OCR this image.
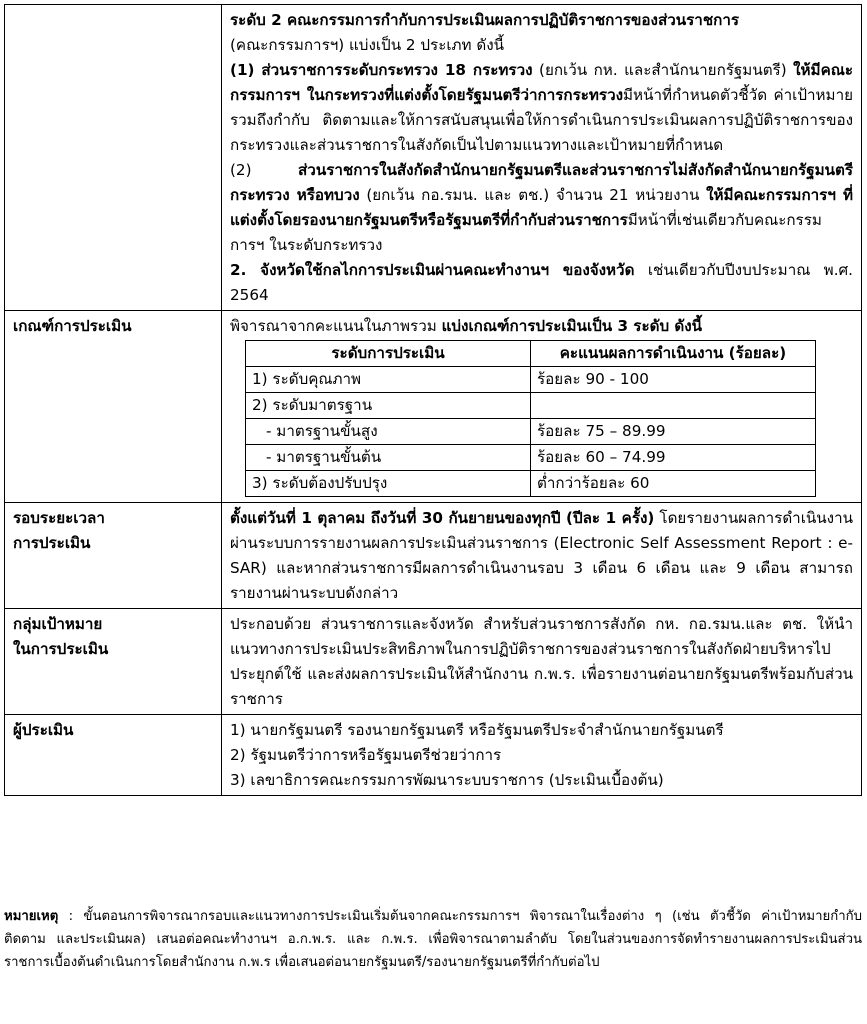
ระดับ 2 คณะกรรมการกำกับการประเมินผลการปฏิบัติราชการของส่วนราชการ
(คณะกรรมการฯ) แบ่งเป็น 2 ประเภท ดังนี้
(1) ส่วนราชการระดับกระทรวง 18 กระทรวง (ยกเว้น กห. และสำนักนายกรัฐมนตรี) ให้มีคณะกรรมการฯ ในกระทรวงที่แต่งตั้งโดยรัฐมนตรีว่าการกระทรวงมีหน้าที่กำหนดตัวชี้วัด ค่าเป้าหมาย รวมถึงกำกับ ติดตามและให้การสนับสนุนเพื่อให้การดำเนินการประเมินผลการปฏิบัติราชการของกระทรวงและส่วนราชการในสังกัดเป็นไปตามแนวทางและเป้าหมายที่กำหนด
(2) ส่วนราชการในสังกัดสำนักนายกรัฐมนตรีและส่วนราชการไม่สังกัดสำนักนายกรัฐมนตรี กระทรวง หรือทบวง (ยกเว้น กอ.รมน. และ ตช.) จำนวน 21 หน่วยงาน ให้มีคณะกรรมการฯ ที่แต่งตั้งโดยรองนายกรัฐมนตรีหรือรัฐมนตรีที่กำกับส่วนราชการมีหน้าที่เช่นเดียวกับคณะกรรมการฯ ในระดับกระทรวง
2. จังหวัดใช้กลไกการประเมินผ่านคณะทำงานฯ ของจังหวัด เช่นเดียวกับปีงบประมาณ พ.ศ. 2564

เกณฑ์การประเมิน	พิจารณาจากคะแนนในภาพรวม แบ่งเกณฑ์การประเมินเป็น 3 ระดับ ดังนี้
ระดับการประเมิน	คะแนนผลการดำเนินงาน (ร้อยละ)
1) ระดับคุณภาพ	ร้อยละ 90 - 100
2) ระดับมาตรฐาน	
- มาตรฐานขั้นสูง	ร้อยละ 75 – 89.99
- มาตรฐานขั้นต้น	ร้อยละ 60 – 74.99
3) ระดับต้องปรับปรุง	ต่ำกว่าร้อยละ 60

รอบระยะเวลา
การประเมิน
	ตั้งแต่วันที่ 1 ตุลาคม ถึงวันที่ 30 กันยายนของทุกปี (ปีละ 1 ครั้ง) โดยรายงานผลการดำเนินงานผ่านระบบการรายงานผลการประเมินส่วนราชการ (Electronic Self Assessment Report : e-SAR) และหากส่วนราชการมีผลการดำเนินงานรอบ 3 เดือน 6 เดือน และ 9 เดือน สามารถรายงานผ่านระบบดังกล่าว

กลุ่มเป้าหมาย
ในการประเมิน
	ประกอบด้วย ส่วนราชการและจังหวัด สำหรับส่วนราชการสังกัด กห. กอ.รมน.และ ตช. ให้นำแนวทางการประเมินประสิทธิภาพในการปฏิบัติราชการของส่วนราชการในสังกัดฝ่ายบริหารไปประยุกต์ใช้ และส่งผลการประเมินให้สำนักงาน ก.พ.ร. เพื่อรายงานต่อนายกรัฐมนตรีพร้อมกับส่วนราชการ
ผู้ประเมิน	1) นายกรัฐมนตรี รองนายกรัฐมนตรี หรือรัฐมนตรีประจำสำนักนายกรัฐมนตรี
2) รัฐมนตรีว่าการหรือรัฐมนตรีช่วยว่าการ
3) เลขาธิการคณะกรรมการพัฒนาระบบราชการ (ประเมินเบื้องต้น)
หมายเหตุ : ขั้นตอนการพิจารณากรอบและแนวทางการประเมินเริ่มต้นจากคณะกรรมการฯ พิจารณาในเรื่องต่าง ๆ (เช่น ตัวชี้วัด ค่าเป้าหมายกำกับ ติดตาม และประเมินผล) เสนอต่อคณะทำงานฯ อ.ก.พ.ร. และ ก.พ.ร. เพื่อพิจารณาตามลำดับ โดยในส่วนของการจัดทำรายงานผลการประเมินส่วนราชการเบื้องต้นดำเนินการโดยสำนักงาน ก.พ.ร เพื่อเสนอต่อนายกรัฐมนตรี/รองนายกรัฐมนตรีที่กำกับต่อไป
